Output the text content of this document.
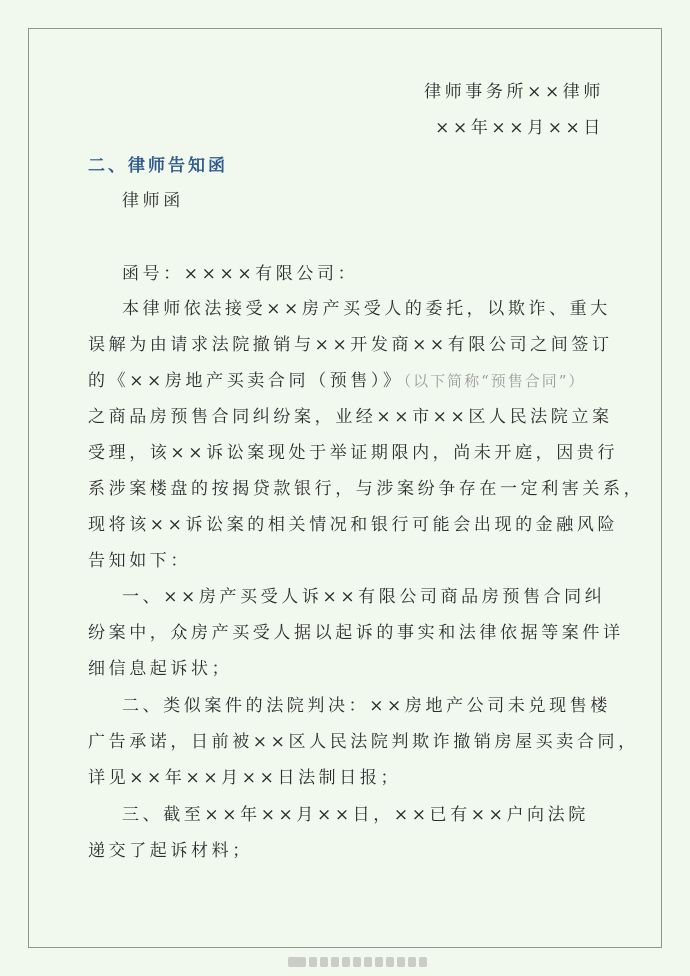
律师事务所××律师
××年××月××日
二、律师告知函
律师函
函号：××××有限公司：
本律师依法接受××房产买受人的委托，以欺诈、重大
误解为由请求法院撤销与××开发商××有限公司之间签订
的《××房地产买卖合同（预售）》（以下简称“预售合同”）
之商品房预售合同纠纷案，业经××市××区人民法院立案
受理，该××诉讼案现处于举证期限内，尚未开庭，因贵行
系涉案楼盘的按揭贷款银行，与涉案纷争存在一定利害关系，
现将该××诉讼案的相关情况和银行可能会出现的金融风险
告知如下：
一、××房产买受人诉××有限公司商品房预售合同纠
纷案中，众房产买受人据以起诉的事实和法律依据等案件详
细信息起诉状；
二、类似案件的法院判决：××房地产公司未兑现售楼
广告承诺，日前被××区人民法院判欺诈撤销房屋买卖合同，
详见××年××月××日法制日报；
三、截至××年××月××日，××已有××户向法院
递交了起诉材料；
